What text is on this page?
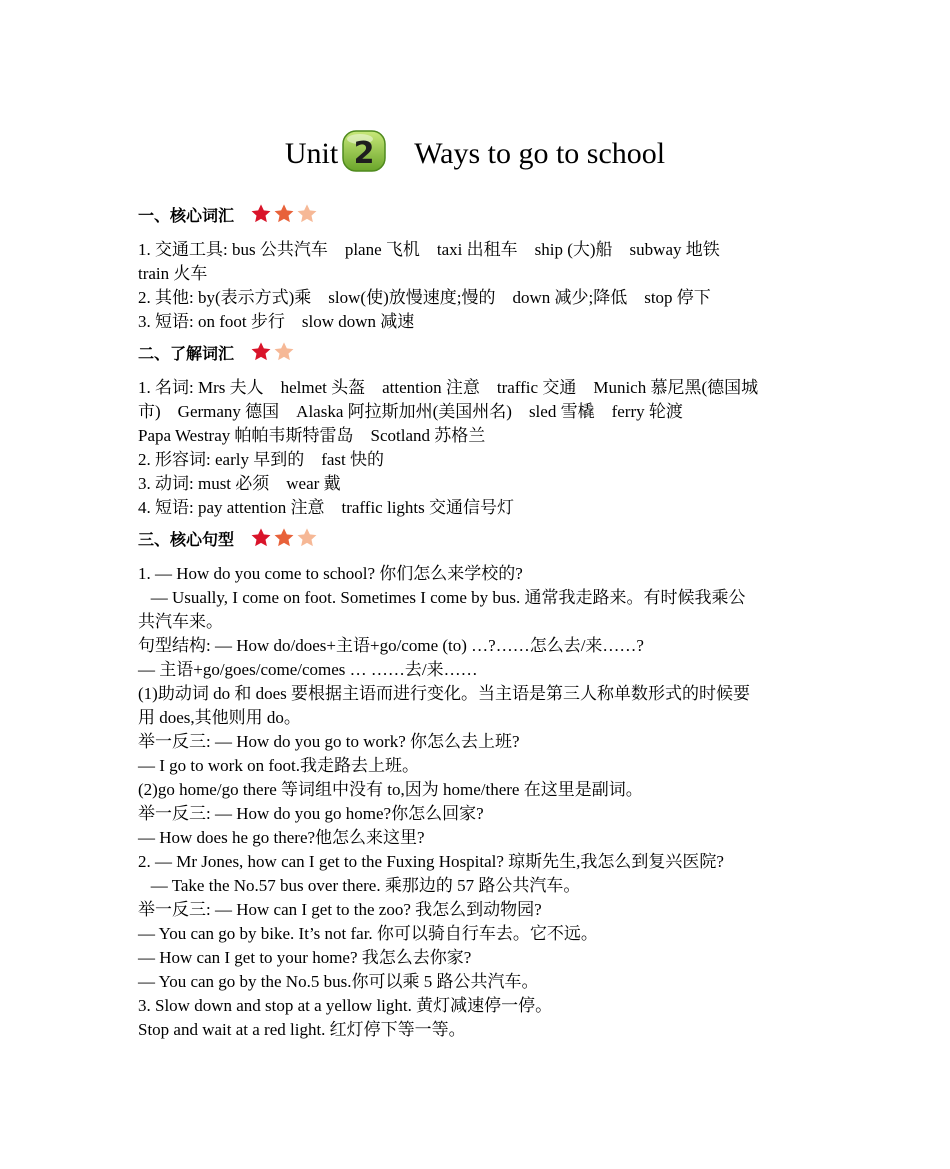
Unit 2 Ways to go to school
一、核心词汇
1. 交通工具: bus 公共汽车    plane 飞机    taxi 出租车    ship (大)船    subway 地铁
train 火车
2. 其他: by(表示方式)乘    slow(使)放慢速度;慢的    down 减少;降低    stop 停下
3. 短语: on foot 步行    slow down 减速
二、了解词汇
1. 名词: Mrs 夫人    helmet 头盔    attention 注意    traffic 交通    Munich 慕尼黑(德国城
市)    Germany 德国    Alaska 阿拉斯加州(美国州名)    sled 雪橇    ferry 轮渡
Papa Westray 帕帕韦斯特雷岛    Scotland 苏格兰
2. 形容词: early 早到的    fast 快的
3. 动词: must 必须    wear 戴
4. 短语: pay attention 注意    traffic lights 交通信号灯
三、核心句型
1. — How do you come to school? 你们怎么来学校的?
— Usually, I come on foot. Sometimes I come by bus. 通常我走路来。有时候我乘公
共汽车来。
句型结构: — How do/does+主语+go/come (to) …?……怎么去/来……?
— 主语+go/goes/come/comes … ……去/来……
(1)助动词 do 和 does 要根据主语而进行变化。当主语是第三人称单数形式的时候要
用 does,其他则用 do。
举一反三: — How do you go to work? 你怎么去上班?
— I go to work on foot.我走路去上班。
(2)go home/go there 等词组中没有 to,因为 home/there 在这里是副词。
举一反三: — How do you go home?你怎么回家?
— How does he go there?他怎么来这里?
2. — Mr Jones, how can I get to the Fuxing Hospital? 琼斯先生,我怎么到复兴医院?
— Take the No.57 bus over there. 乘那边的 57 路公共汽车。
举一反三: — How can I get to the zoo? 我怎么到动物园?
— You can go by bike. It’s not far. 你可以骑自行车去。它不远。
— How can I get to your home? 我怎么去你家?
— You can go by the No.5 bus.你可以乘 5 路公共汽车。
3. Slow down and stop at a yellow light. 黄灯减速停一停。
Stop and wait at a red light. 红灯停下等一等。
